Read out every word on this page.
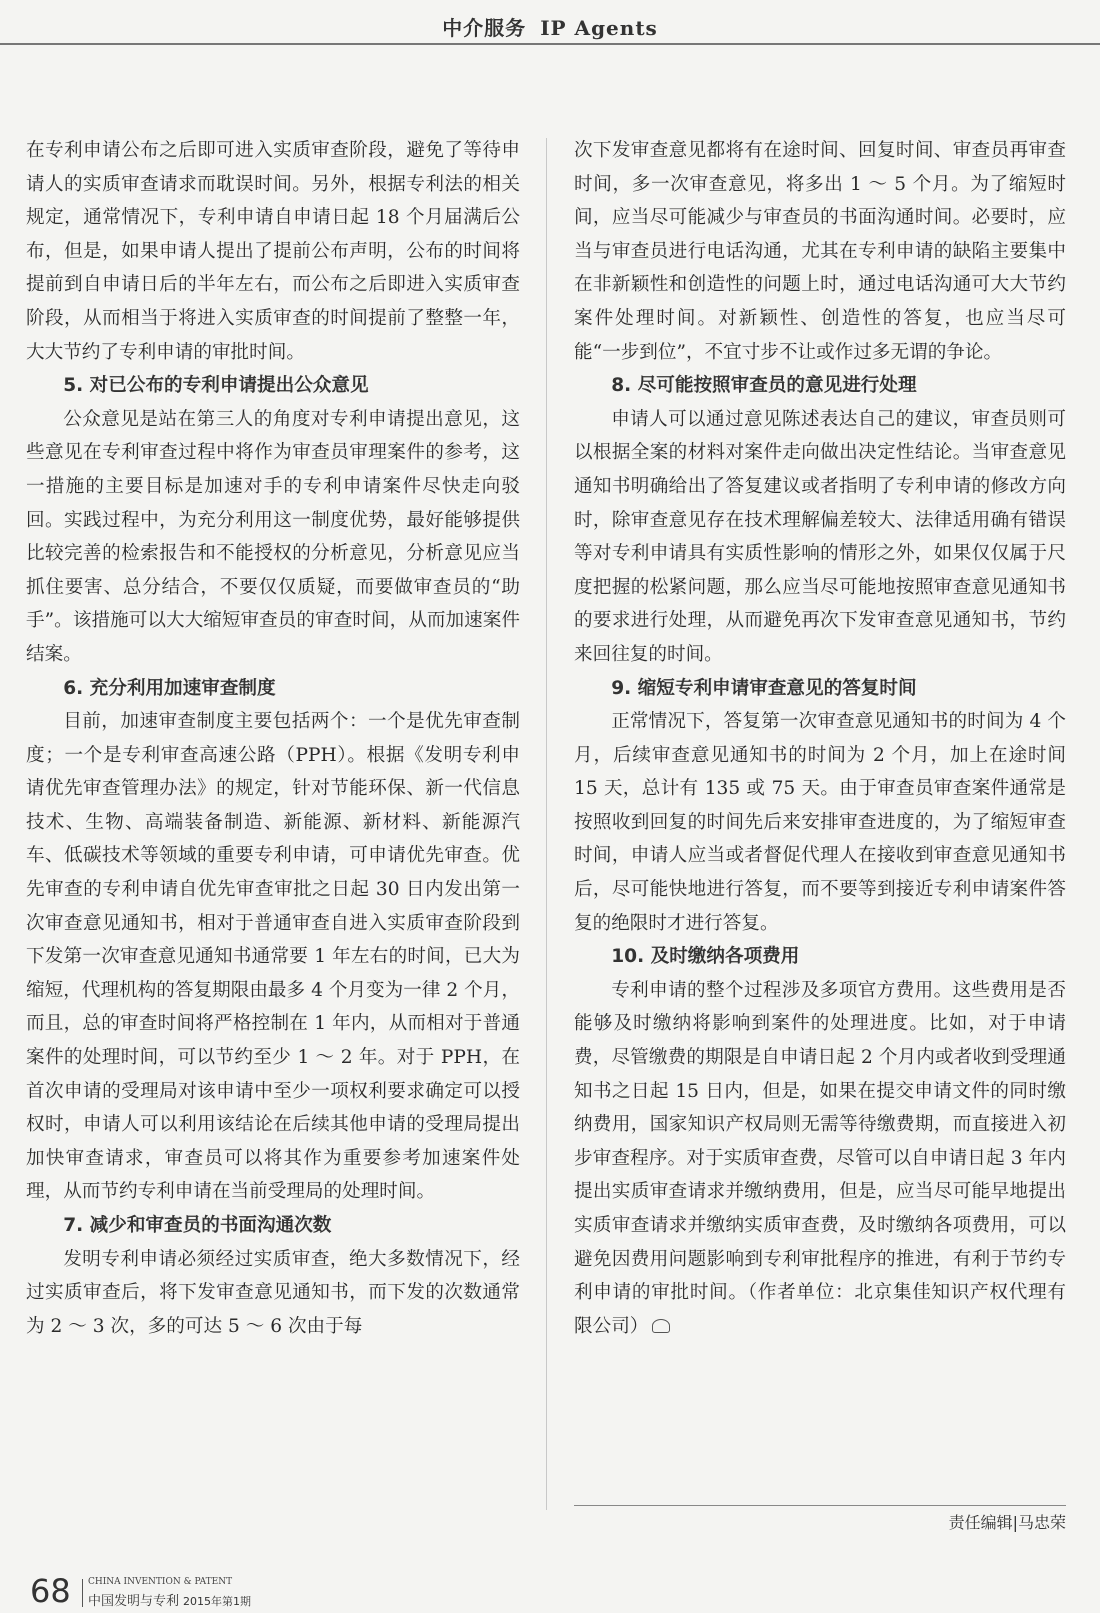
中介服务 IP Agents

在专利申请公布之后即可进入实质审查阶段，避免了等待申请人的实质审查请求而耽误时间。另外，根据专利法的相关规定，通常情况下，专利申请自申请日起 18 个月届满后公布，但是，如果申请人提出了提前公布声明，公布的时间将提前到自申请日后的半年左右，而公布之后即进入实质审查阶段，从而相当于将进入实质审查的时间提前了整整一年，大大节约了专利申请的审批时间。

5. 对已公布的专利申请提出公众意见

公众意见是站在第三人的角度对专利申请提出意见，这些意见在专利审查过程中将作为审查员审理案件的参考，这一措施的主要目标是加速对手的专利申请案件尽快走向驳回。实践过程中，为充分利用这一制度优势，最好能够提供比较完善的检索报告和不能授权的分析意见，分析意见应当抓住要害、总分结合，不要仅仅质疑，而要做审查员的“助手”。该措施可以大大缩短审查员的审查时间，从而加速案件结案。

6. 充分利用加速审查制度

目前，加速审查制度主要包括两个：一个是优先审查制度；一个是专利审查高速公路（PPH）。根据《发明专利申请优先审查管理办法》的规定，针对节能环保、新一代信息技术、生物、高端装备制造、新能源、新材料、新能源汽车、低碳技术等领域的重要专利申请，可申请优先审查。优先审查的专利申请自优先审查审批之日起 30 日内发出第一次审查意见通知书，相对于普通审查自进入实质审查阶段到下发第一次审查意见通知书通常要 1 年左右的时间，已大为缩短，代理机构的答复期限由最多 4 个月变为一律 2 个月，而且，总的审查时间将严格控制在 1 年内，从而相对于普通案件的处理时间，可以节约至少 1 ～ 2 年。对于 PPH，在首次申请的受理局对该申请中至少一项权利要求确定可以授权时，申请人可以利用该结论在后续其他申请的受理局提出加快审查请求，审查员可以将其作为重要参考加速案件处理，从而节约专利申请在当前受理局的处理时间。

7. 减少和审查员的书面沟通次数

发明专利申请必须经过实质审查，绝大多数情况下，经过实质审查后，将下发审查意见通知书，而下发的次数通常为 2 ～ 3 次，多的可达 5 ～ 6 次由于每

次下发审查意见都将有在途时间、回复时间、审查员再审查时间，多一次审查意见，将多出 1 ～ 5 个月。为了缩短时间，应当尽可能减少与审查员的书面沟通时间。必要时，应当与审查员进行电话沟通，尤其在专利申请的缺陷主要集中在非新颖性和创造性的问题上时，通过电话沟通可大大节约案件处理时间。对新颖性、创造性的答复，也应当尽可能“一步到位”，不宜寸步不让或作过多无谓的争论。

8. 尽可能按照审查员的意见进行处理

申请人可以通过意见陈述表达自己的建议，审查员则可以根据全案的材料对案件走向做出决定性结论。当审查意见通知书明确给出了答复建议或者指明了专利申请的修改方向时，除审查意见存在技术理解偏差较大、法律适用确有错误等对专利申请具有实质性影响的情形之外，如果仅仅属于尺度把握的松紧问题，那么应当尽可能地按照审查意见通知书的要求进行处理，从而避免再次下发审查意见通知书，节约来回往复的时间。

9. 缩短专利申请审查意见的答复时间

正常情况下，答复第一次审查意见通知书的时间为 4 个月，后续审查意见通知书的时间为 2 个月，加上在途时间 15 天，总计有 135 或 75 天。由于审查员审查案件通常是按照收到回复的时间先后来安排审查进度的，为了缩短审查时间，申请人应当或者督促代理人在接收到审查意见通知书后，尽可能快地进行答复，而不要等到接近专利申请案件答复的绝限时才进行答复。

10. 及时缴纳各项费用

专利申请的整个过程涉及多项官方费用。这些费用是否能够及时缴纳将影响到案件的处理进度。比如，对于申请费，尽管缴费的期限是自申请日起 2 个月内或者收到受理通知书之日起 15 日内，但是，如果在提交申请文件的同时缴纳费用，国家知识产权局则无需等待缴费期，而直接进入初步审查程序。对于实质审查费，尽管可以自申请日起 3 年内提出实质审查请求并缴纳费用，但是，应当尽可能早地提出实质审查请求并缴纳实质审查费，及时缴纳各项费用，可以避免因费用问题影响到专利审批程序的推进，有利于节约专利申请的审批时间。（作者单位：北京集佳知识产权代理有限公司）

责任编辑|马忠荣
68 CHINA INVENTION & PATENT
中国发明与专利 2015年第1期
